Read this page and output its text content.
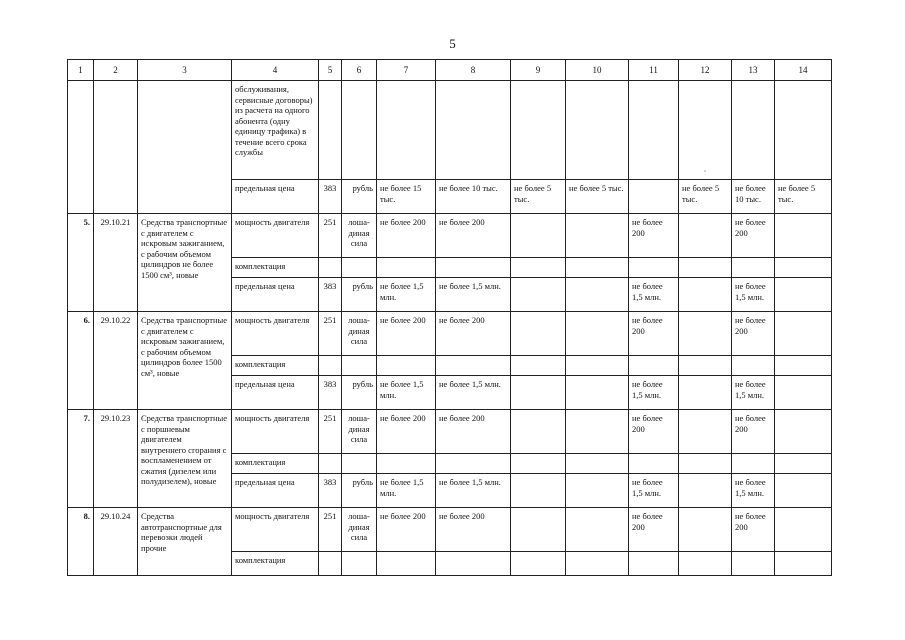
5
1	2	3	4	5	6	7	8	9	10	11	12	13	14
			обслуживания, сервисные договоры) из расчета на одного абонента (одну единицу трафика) в течение всего срока службы								·		
			предельная цена	383	рубль	не более 15 тыс.	не более 10 тыс.	не более 5 тыс.	не более 5 тыс.		не более 5 тыс.	не более 10 тыс.	не более 5 тыс.
5.	29.10.21	Средства транспортные с двигателем с искровым зажиганием, с рабочим объемом цилиндров не более 1500 см³, новые	мощность двигателя	251	лоша-диная сила	не более 200	не более 200			не более 200		не более 200	
			комплектация										
			предельная цена	383	рубль	не более 1,5 млн.	не более 1,5 млн.			не более 1,5 млн.		не более 1,5 млн.	
6.	29.10.22	Средства транспортные с двигателем с искровым зажиганием, с рабочим объемом цилиндров более 1500 см³, новые	мощность двигателя	251	лоша-диная сила	не более 200	не более 200			не более 200		не более 200	
			комплектация										
			предельная цена	383	рубль	не более 1,5 млн.	не более 1,5 млн.			не более 1,5 млн.		не более 1,5 млн.	
7.	29.10.23	Средства транспортные с поршневым двигателем внутреннего сгорания с воспламенением от сжатия (дизелем или полудизелем), новые	мощность двигателя	251	лоша-диная сила	не более 200	не более 200			не более 200		не более 200	
			комплектация										
			предельная цена	383	рубль	не более 1,5 млн.	не более 1,5 млн.			не более 1,5 млн.		не более 1,5 млн.	
8.	29.10.24	Средства автотранспортные для перевозки людей прочие	мощность двигателя	251	лоша-диная сила	не более 200	не более 200			не более 200		не более 200	
			комплектация										
